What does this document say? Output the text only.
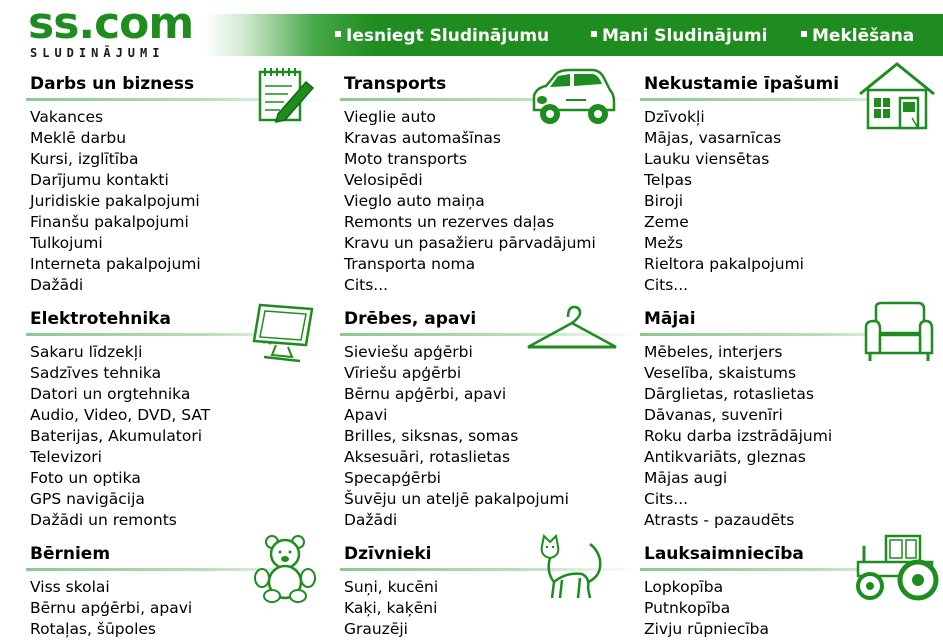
ss.com
SLUDINĀJUMI
Iesniegt Sludinājumu	Mani Sludinājumi	Meklēšana
Darbs un bizness
Vakances
Meklē darbu
Kursi, izglītība
Darījumu kontakti
Juridiskie pakalpojumi
Finanšu pakalpojumi
Tulkojumi
Interneta pakalpojumi
Dažādi
Transports
Vieglie auto
Kravas automašīnas
Moto transports
Velosipēdi
Vieglo auto maiņa
Remonts un rezerves daļas
Kravu un pasažieru pārvadājumi
Transporta noma
Cits...
Nekustamie īpašumi
Dzīvokļi
Mājas, vasarnīcas
Lauku viensētas
Telpas
Biroji
Zeme
Mežs
Rieltora pakalpojumi
Cits...
Elektrotehnika
Sakaru līdzekļi
Sadzīves tehnika
Datori un orgtehnika
Audio, Video, DVD, SAT
Baterijas, Akumulatori
Televizori
Foto un optika
GPS navigācija
Dažādi un remonts
Drēbes, apavi
Sieviešu apģērbi
Vīriešu apģērbi
Bērnu apģērbi, apavi
Apavi
Brilles, siksnas, somas
Aksesuāri, rotaslietas
Specapģērbi
Šuvēju un ateljē pakalpojumi
Dažādi
Mājai
Mēbeles, interjers
Veselība, skaistums
Dārglietas, rotaslietas
Dāvanas, suvenīri
Roku darba izstrādājumi
Antikvariāts, gleznas
Mājas augi
Cits...
Atrasts - pazaudēts
Bērniem
Viss skolai
Bērnu apģērbi, apavi
Rotaļas, šūpoles
Dzīvnieki
Suņi, kucēni
Kaķi, kaķēni
Grauzēji
Lauksaimniecība
Lopkopība
Putnkopība
Zivju rūpniecība
